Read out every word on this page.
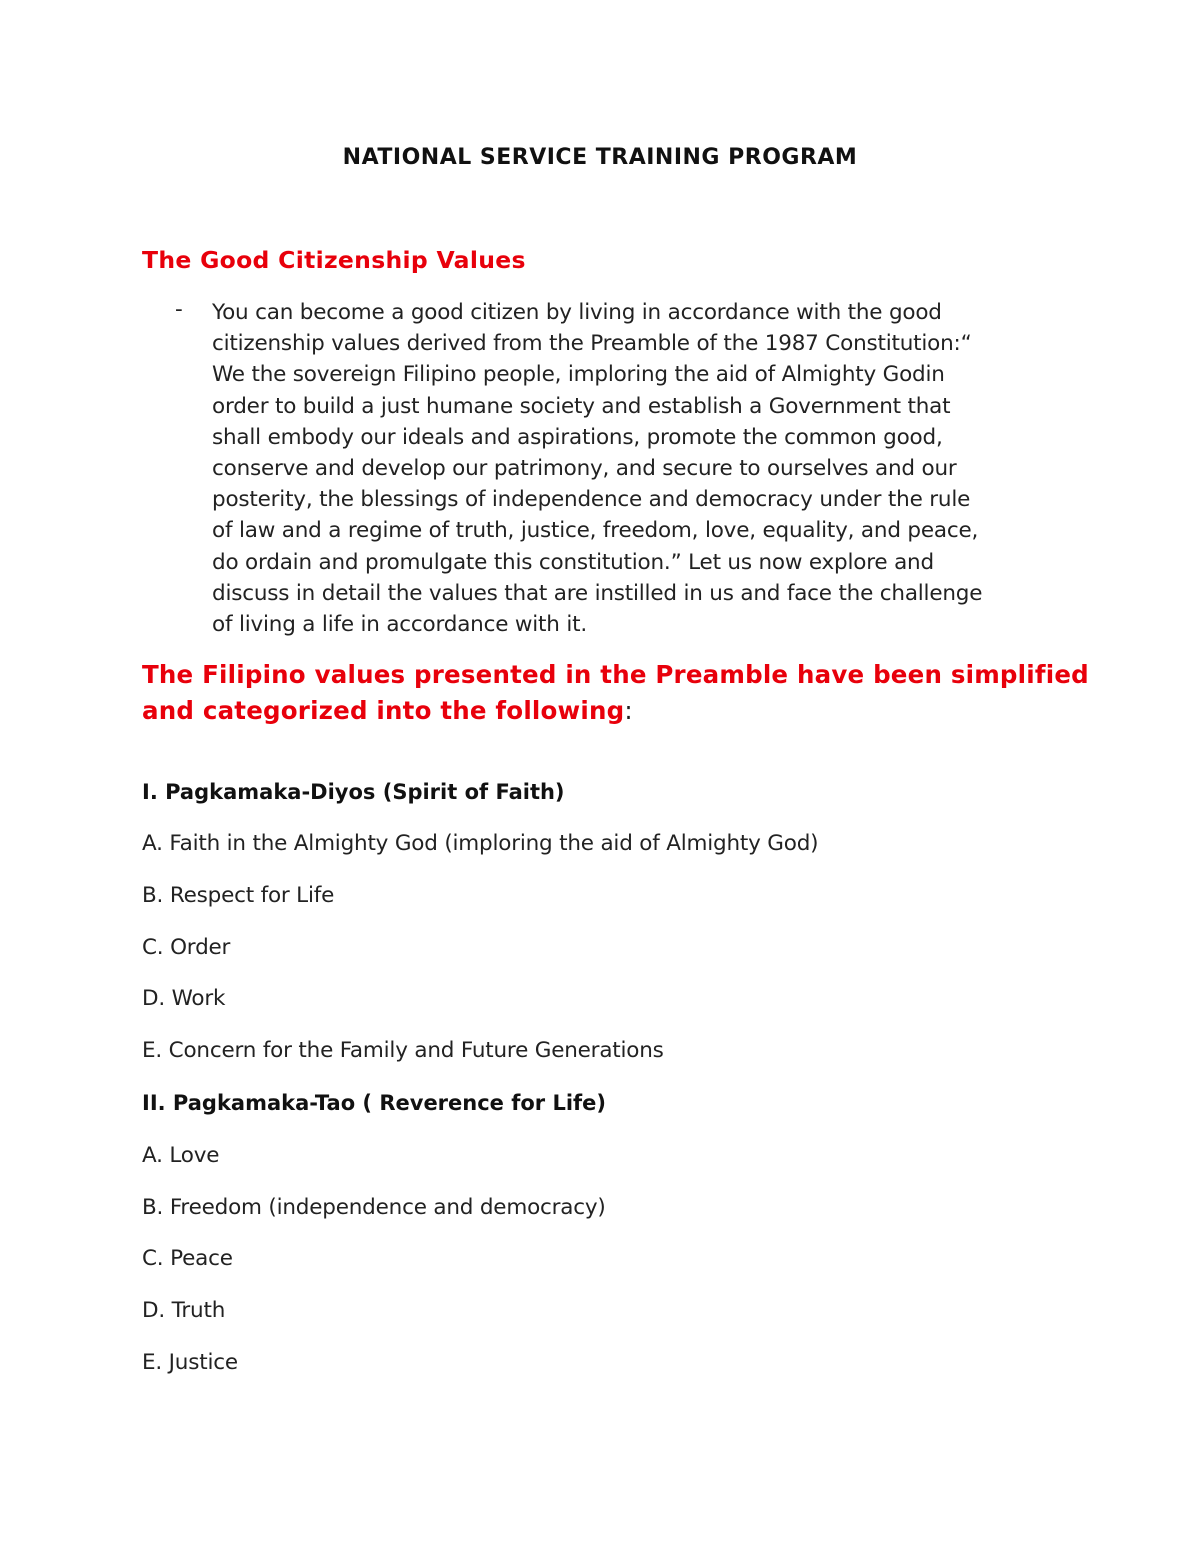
NATIONAL SERVICE TRAINING PROGRAM
The Good Citizenship Values
- You can become a good citizen by living in accordance with the good
citizenship values derived from the Preamble of the 1987 Constitution:“
We the sovereign Filipino people, imploring the aid of Almighty Godin
order to build a just humane society and establish a Government that
shall embody our ideals and aspirations, promote the common good,
conserve and develop our patrimony, and secure to ourselves and our
posterity, the blessings of independence and democracy under the rule
of law and a regime of truth, justice, freedom, love, equality, and peace,
do ordain and promulgate this constitution.” Let us now explore and
discuss in detail the values that are instilled in us and face the challenge
of living a life in accordance with it.
The Filipino values presented in the Preamble have been simplified
and categorized into the following:
I. Pagkamaka-Diyos (Spirit of Faith)
A. Faith in the Almighty God (imploring the aid of Almighty God)
B. Respect for Life
C. Order
D. Work
E. Concern for the Family and Future Generations
II. Pagkamaka-Tao ( Reverence for Life)
A. Love
B. Freedom (independence and democracy)
C. Peace
D. Truth
E. Justice
